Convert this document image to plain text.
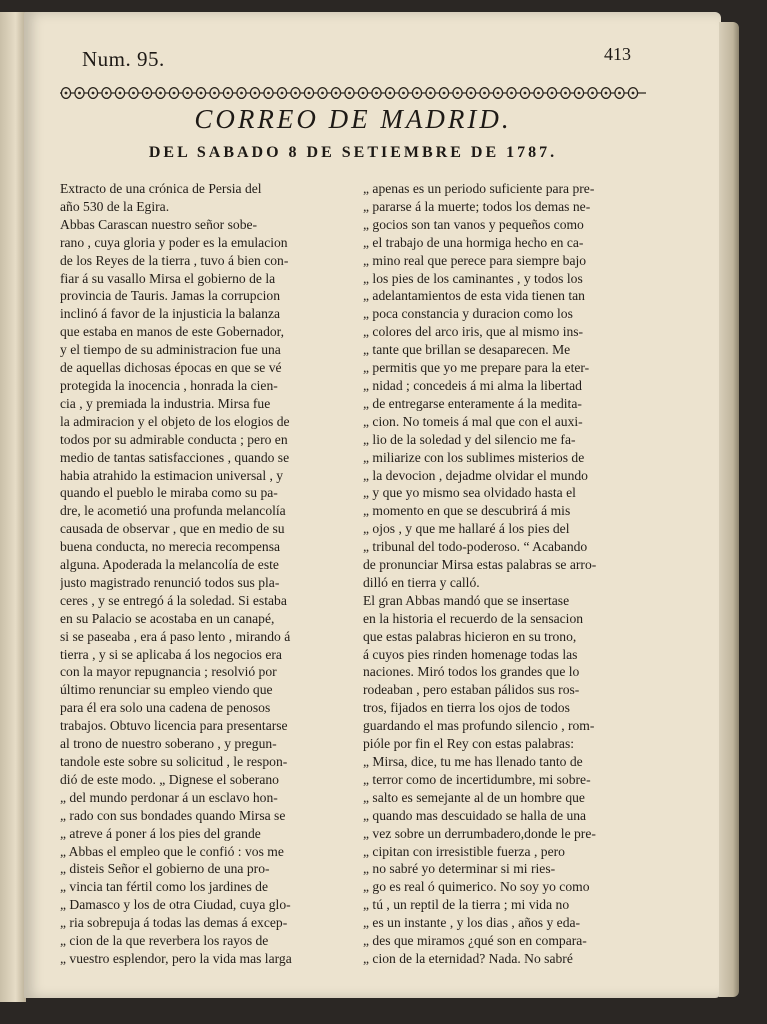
Num. 95.	413
CORREO DE MADRID.
DEL SABADO 8 DE SETIEMBRE DE 1787.

Extracto de una crónica de Persia del

año 530 de la Egira.

Abbas Carascan nuestro señor sobe-

rano , cuya gloria y poder es la emulacion

de los Reyes de la tierra , tuvo á bien con-

fiar á su vasallo Mirsa el gobierno de la

provincia de Tauris. Jamas la corrupcion

inclinó á favor de la injusticia la balanza

que estaba en manos de este Gobernador,

y el tiempo de su administracion fue una

de aquellas dichosas épocas en que se vé

protegida la inocencia , honrada la cien-

cia , y premiada la industria. Mirsa fue

la admiracion y el objeto de los elogios de

todos por su admirable conducta ; pero en

medio de tantas satisfacciones , quando se

habia atrahido la estimacion universal , y

quando el pueblo le miraba como su pa-

dre, le acometió una profunda melancolía

causada de observar , que en medio de su

buena conducta, no merecia recompensa

alguna. Apoderada la melancolía de este

justo magistrado renunció todos sus pla-

ceres , y se entregó á la soledad. Si estaba

en su Palacio se acostaba en un canapé,

si se paseaba , era á paso lento , mirando á

tierra , y si se aplicaba á los negocios era

con la mayor repugnancia ; resolvió por

último renunciar su empleo viendo que

para él era solo una cadena de penosos

trabajos. Obtuvo licencia para presentarse

al trono de nuestro soberano , y pregun-

tandole este sobre su solicitud , le respon-

dió de este modo. „ Dignese el soberano

„ del mundo perdonar á un esclavo hon-

„ rado con sus bondades quando Mirsa se

„ atreve á poner á los pies del grande

„ Abbas el empleo que le confió : vos me

„ disteis Señor el gobierno de una pro-

„ vincia tan fértil como los jardines de

„ Damasco y los de otra Ciudad, cuya glo-

„ ria sobrepuja á todas las demas á excep-

„ cion de la que reverbera los rayos de

„ vuestro esplendor, pero la vida mas larga

„ apenas es un periodo suficiente para pre-

„ pararse á la muerte; todos los demas ne-

„ gocios son tan vanos y pequeños como

„ el trabajo de una hormiga hecho en ca-

„ mino real que perece para siempre bajo

„ los pies de los caminantes , y todos los

„ adelantamientos de esta vida tienen tan

„ poca constancia y duracion como los

„ colores del arco iris, que al mismo ins-

„ tante que brillan se desaparecen. Me

„ permitis que yo me prepare para la eter-

„ nidad ; concedeis á mi alma la libertad

„ de entregarse enteramente á la medita-

„ cion. No tomeis á mal que con el auxi-

„ lio de la soledad y del silencio me fa-

„ miliarize con los sublimes misterios de

„ la devocion , dejadme olvidar el mundo

„ y que yo mismo sea olvidado hasta el

„ momento en que se descubrirá á mis

„ ojos , y que me hallaré á los pies del

„ tribunal del todo-poderoso. “ Acabando

de pronunciar Mirsa estas palabras se arro-

dilló en tierra y calló.

El gran Abbas mandó que se insertase

en la historia el recuerdo de la sensacion

que estas palabras hicieron en su trono,

á cuyos pies rinden homenage todas las

naciones. Miró todos los grandes que lo

rodeaban , pero estaban pálidos sus ros-

tros, fijados en tierra los ojos de todos

guardando el mas profundo silencio , rom-

pióle por fin el Rey con estas palabras:

„ Mirsa, dice, tu me has llenado tanto de

„ terror como de incertidumbre, mi sobre-

„ salto es semejante al de un hombre que

„ quando mas descuidado se halla de una

„ vez sobre un derrumbadero,donde le pre-

„ cipitan con irresistible fuerza , pero

„ no sabré yo determinar si mi ries-

„ go es real ó quimerico. No soy yo como

„ tú , un reptil de la tierra ; mi vida no

„ es un instante , y los dias , años y eda-

„ des que miramos ¿qué son en compara-

„ cion de la eternidad? Nada. No sabré
